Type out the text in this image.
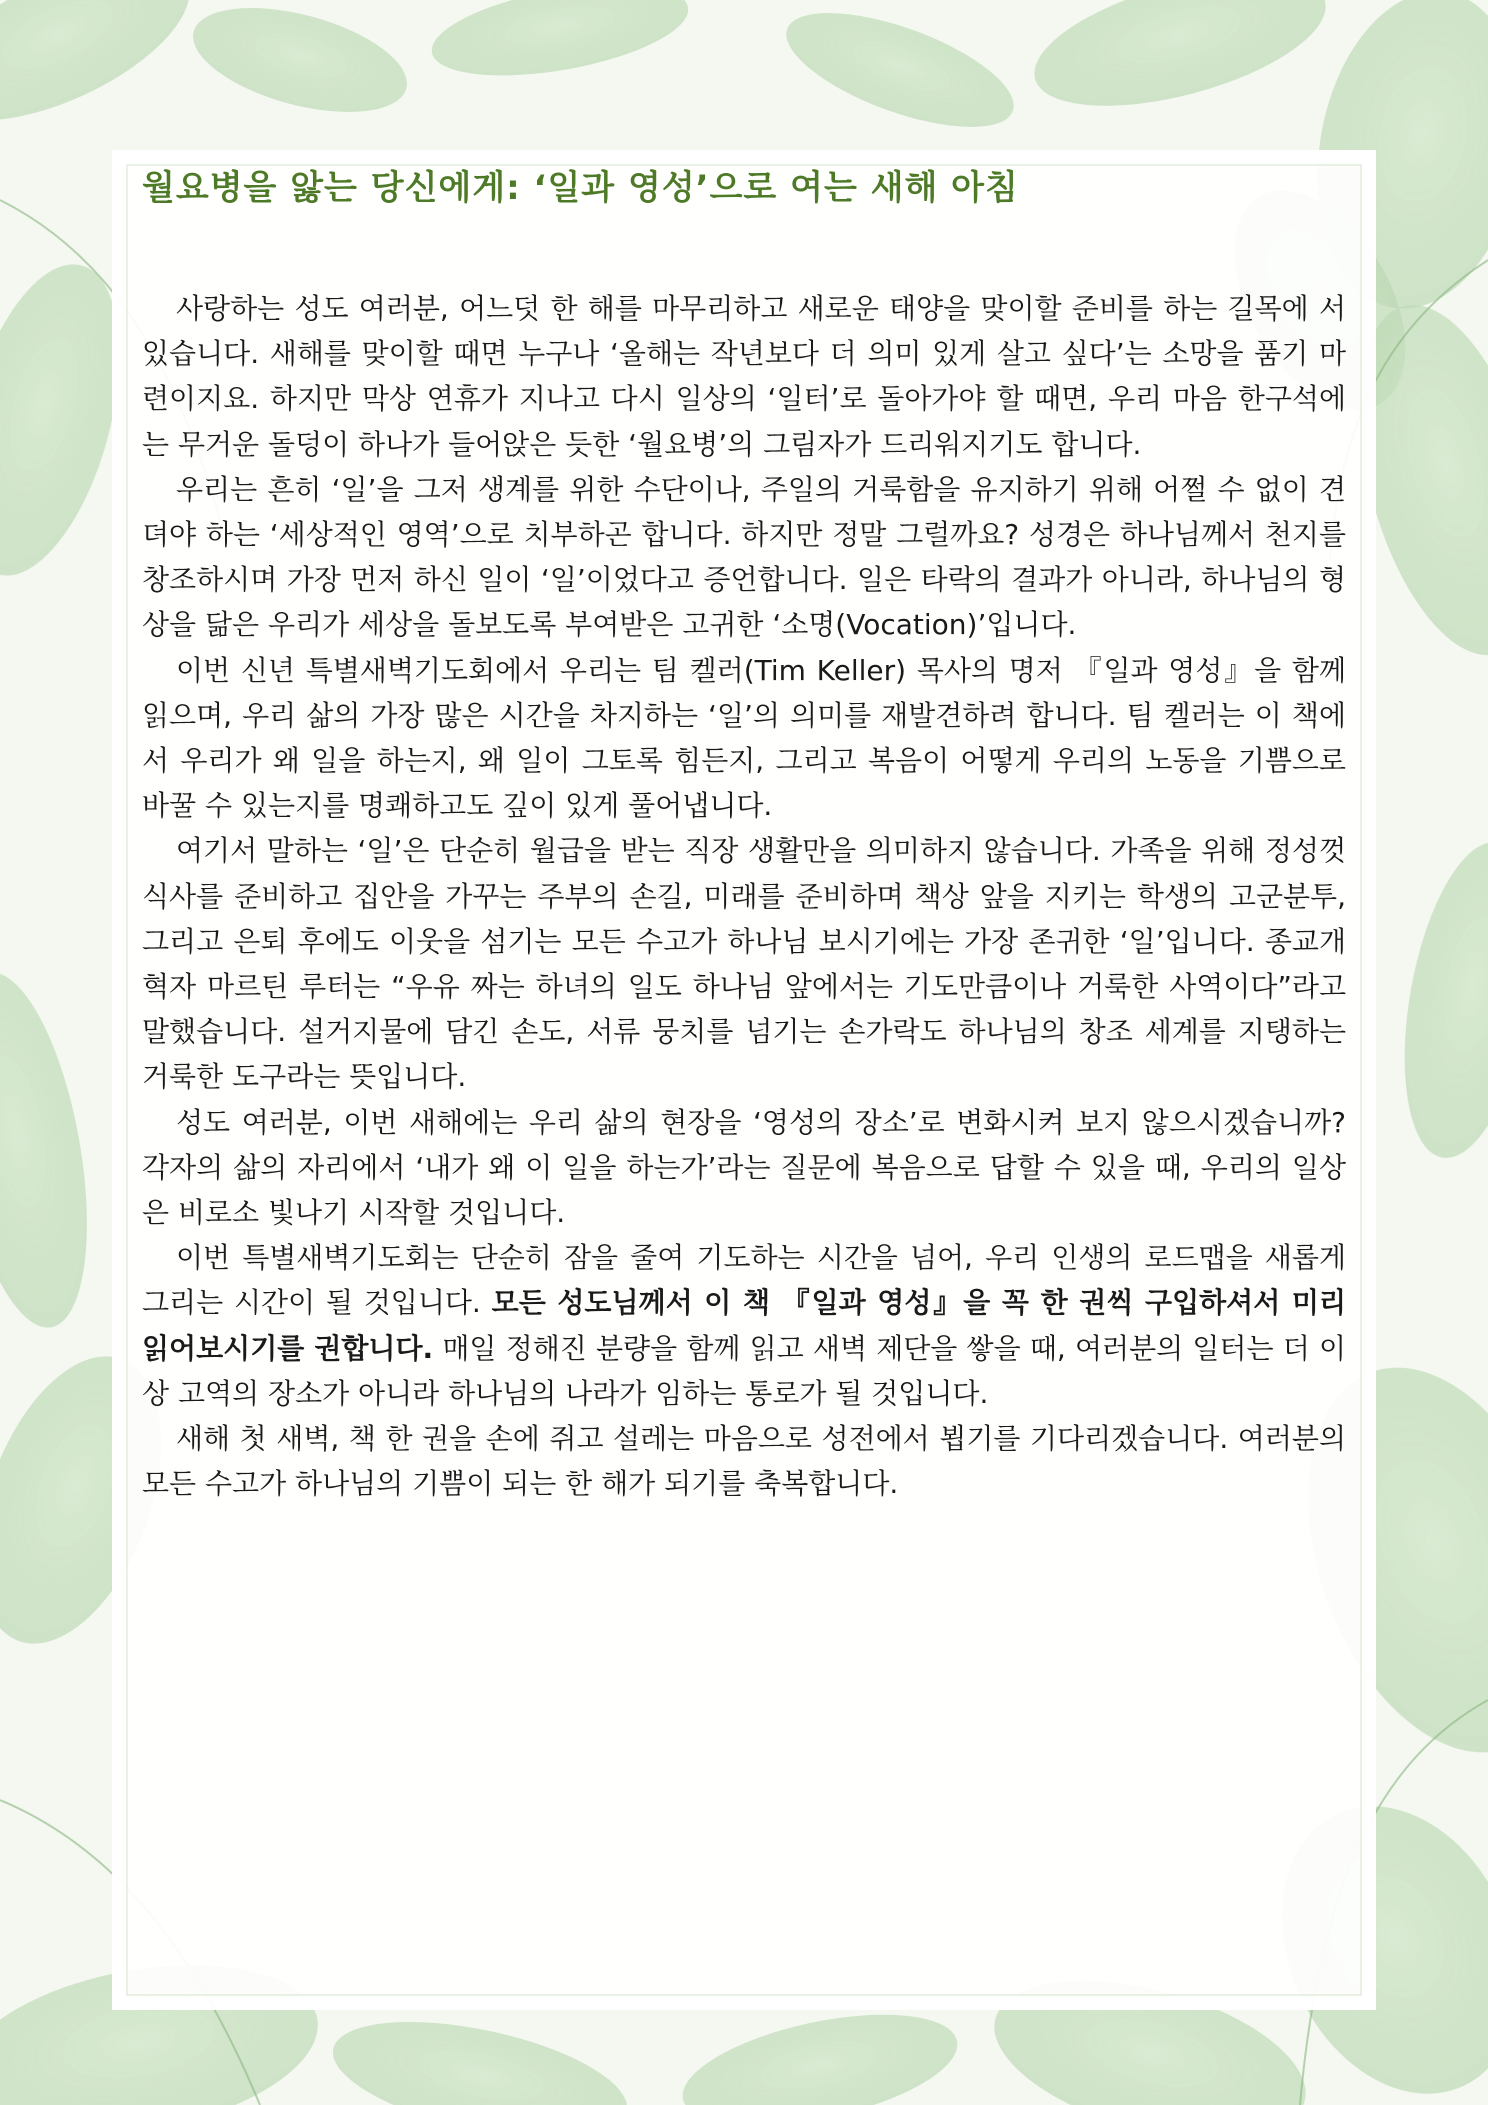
월요병을 앓는 당신에게: ‘일과 영성’으로 여는 새해 아침

사랑하는 성도 여러분, 어느덧 한 해를 마무리하고 새로운 태양을 맞이할 준비를 하는 길목에 서 있습니다. 새해를 맞이할 때면 누구나 ‘올해는 작년보다 더 의미 있게 살고 싶다’는 소망을 품기 마련이지요. 하지만 막상 연휴가 지나고 다시 일상의 ‘일터’로 돌아가야 할 때면, 우리 마음 한구석에는 무거운 돌덩이 하나가 들어앉은 듯한 ‘월요병’의 그림자가 드리워지기도 합니다.

우리는 흔히 ‘일’을 그저 생계를 위한 수단이나, 주일의 거룩함을 유지하기 위해 어쩔 수 없이 견뎌야 하는 ‘세상적인 영역’으로 치부하곤 합니다. 하지만 정말 그럴까요? 성경은 하나님께서 천지를 창조하시며 가장 먼저 하신 일이 ‘일’이었다고 증언합니다. 일은 타락의 결과가 아니라, 하나님의 형상을 닮은 우리가 세상을 돌보도록 부여받은 고귀한 ‘소명(Vocation)’입니다.

이번 신년 특별새벽기도회에서 우리는 팀 켈러(Tim Keller) 목사의 명저 『일과 영성』을 함께 읽으며, 우리 삶의 가장 많은 시간을 차지하는 ‘일’의 의미를 재발견하려 합니다. 팀 켈러는 이 책에서 우리가 왜 일을 하는지, 왜 일이 그토록 힘든지, 그리고 복음이 어떻게 우리의 노동을 기쁨으로 바꿀 수 있는지를 명쾌하고도 깊이 있게 풀어냅니다.

여기서 말하는 ‘일’은 단순히 월급을 받는 직장 생활만을 의미하지 않습니다. 가족을 위해 정성껏 식사를 준비하고 집안을 가꾸는 주부의 손길, 미래를 준비하며 책상 앞을 지키는 학생의 고군분투, 그리고 은퇴 후에도 이웃을 섬기는 모든 수고가 하나님 보시기에는 가장 존귀한 ‘일’입니다. 종교개혁자 마르틴 루터는 “우유 짜는 하녀의 일도 하나님 앞에서는 기도만큼이나 거룩한 사역이다”라고 말했습니다. 설거지물에 담긴 손도, 서류 뭉치를 넘기는 손가락도 하나님의 창조 세계를 지탱하는 거룩한 도구라는 뜻입니다.

성도 여러분, 이번 새해에는 우리 삶의 현장을 ‘영성의 장소’로 변화시켜 보지 않으시겠습니까? 각자의 삶의 자리에서 ‘내가 왜 이 일을 하는가’라는 질문에 복음으로 답할 수 있을 때, 우리의 일상은 비로소 빛나기 시작할 것입니다.

이번 특별새벽기도회는 단순히 잠을 줄여 기도하는 시간을 넘어, 우리 인생의 로드맵을 새롭게 그리는 시간이 될 것입니다. 모든 성도님께서 이 책 『일과 영성』을 꼭 한 권씩 구입하셔서 미리 읽어보시기를 권합니다. 매일 정해진 분량을 함께 읽고 새벽 제단을 쌓을 때, 여러분의 일터는 더 이상 고역의 장소가 아니라 하나님의 나라가 임하는 통로가 될 것입니다.

새해 첫 새벽, 책 한 권을 손에 쥐고 설레는 마음으로 성전에서 뵙기를 기다리겠습니다. 여러분의 모든 수고가 하나님의 기쁨이 되는 한 해가 되기를 축복합니다.
